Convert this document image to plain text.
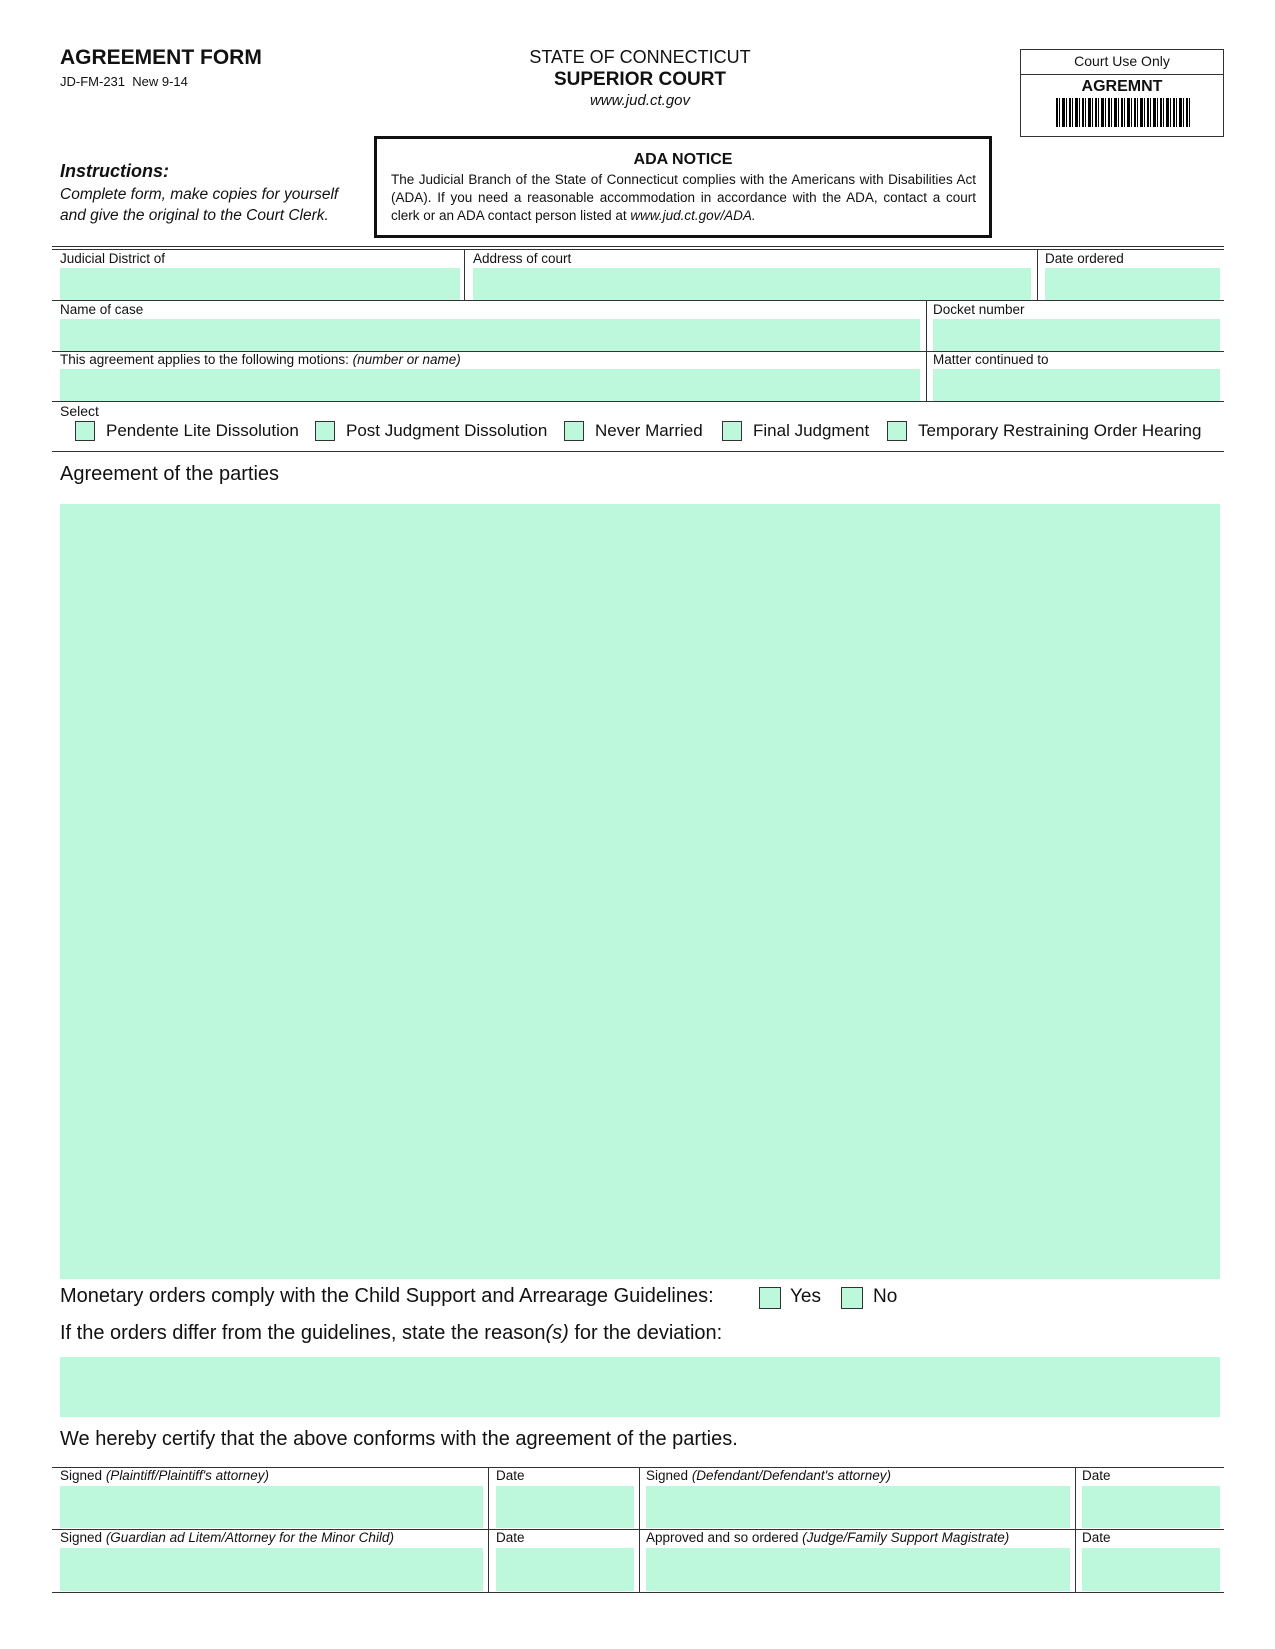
AGREEMENT FORM
JD-FM-231  New 9-14
STATE OF CONNECTICUT
SUPERIOR COURT
www.jud.ct.gov
Court Use Only
AGREMNT
Instructions:
Complete form, make copies for yourself and give the original to the Court Clerk.
ADA NOTICE
The Judicial Branch of the State of Connecticut complies with the Americans with Disabilities Act (ADA). If you need a reasonable accommodation in accordance with the ADA, contact a court clerk or an ADA contact person listed at www.jud.ct.gov/ADA.
Judicial District of	Address of court	Date ordered
Name of case	Docket number
This agreement applies to the following motions: (number or name)	Matter continued to
Select
Pendente Lite Dissolution	Post Judgment Dissolution	Never Married	Final Judgment	Temporary Restraining Order Hearing
Agreement of the parties
Monetary orders comply with the Child Support and Arrearage Guidelines:	Yes	No
If the orders differ from the guidelines, state the reason(s) for the deviation:
We hereby certify that the above conforms with the agreement of the parties.
Signed (Plaintiff/Plaintiff's attorney)	Date	Signed (Defendant/Defendant's attorney)	Date
Signed (Guardian ad Litem/Attorney for the Minor Child)	Date	Approved and so ordered (Judge/Family Support Magistrate)	Date
